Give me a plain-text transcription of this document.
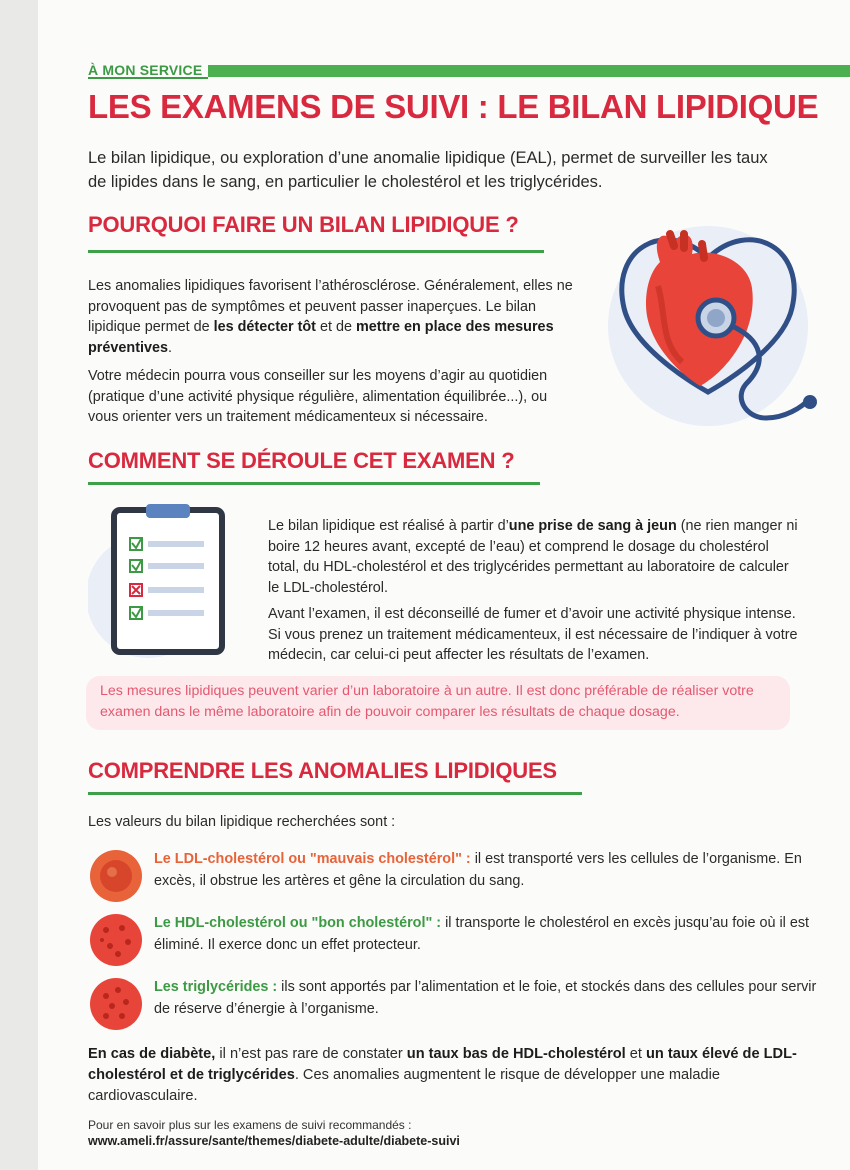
À MON SERVICE
LES EXAMENS DE SUIVI : LE BILAN LIPIDIQUE

Le bilan lipidique, ou exploration d’une anomalie lipidique (EAL), permet de surveiller les taux de lipides dans le sang, en particulier le cholestérol et les triglycérides.

POURQUOI FAIRE UN BILAN LIPIDIQUE ?

Les anomalies lipidiques favorisent l’athérosclérose. Généralement, elles ne provoquent pas de symptômes et peuvent passer inaperçues. Le bilan lipidique permet de les détecter tôt et de mettre en place des mesures préventives.
Votre médecin pourra vous conseiller sur les moyens d’agir au quotidien (pratique d’une activité physique régulière, alimentation équilibrée...), ou vous orienter vers un traitement médicamenteux si nécessaire.

COMMENT SE DÉROULE CET EXAMEN ?

Le bilan lipidique est réalisé à partir d’une prise de sang à jeun (ne rien manger ni boire 12 heures avant, excepté de l’eau) et comprend le dosage du cholestérol total, du HDL-cholestérol et des triglycérides permettant au laboratoire de calculer le LDL-cholestérol.
Avant l’examen, il est déconseillé de fumer et d’avoir une activité physique intense. Si vous prenez un traitement médicamenteux, il est nécessaire de l’indiquer à votre médecin, car celui-ci peut affecter les résultats de l’examen.

Les mesures lipidiques peuvent varier d’un laboratoire à un autre. Il est donc préférable de réaliser votre examen dans le même laboratoire afin de pouvoir comparer les résultats de chaque dosage.
COMPRENDRE LES ANOMALIES LIPIDIQUES

Les valeurs du bilan lipidique recherchées sont :

Le LDL-cholestérol ou "mauvais cholestérol" : il est transporté vers les cellules de l’organisme. En excès, il obstrue les artères et gêne la circulation du sang.
Le HDL-cholestérol ou "bon cholestérol" : il transporte le cholestérol en excès jusqu’au foie où il est éliminé. Il exerce donc un effet protecteur.
Les triglycérides : ils sont apportés par l’alimentation et le foie, et stockés dans des cellules pour servir de réserve d’énergie à l’organisme.

En cas de diabète, il n’est pas rare de constater un taux bas de HDL-cholestérol et un taux élevé de LDL-cholestérol et de triglycérides. Ces anomalies augmentent le risque de développer une maladie cardiovasculaire.

Pour en savoir plus sur les examens de suivi recommandés :

www.ameli.fr/assure/sante/themes/diabete-adulte/diabete-suivi
